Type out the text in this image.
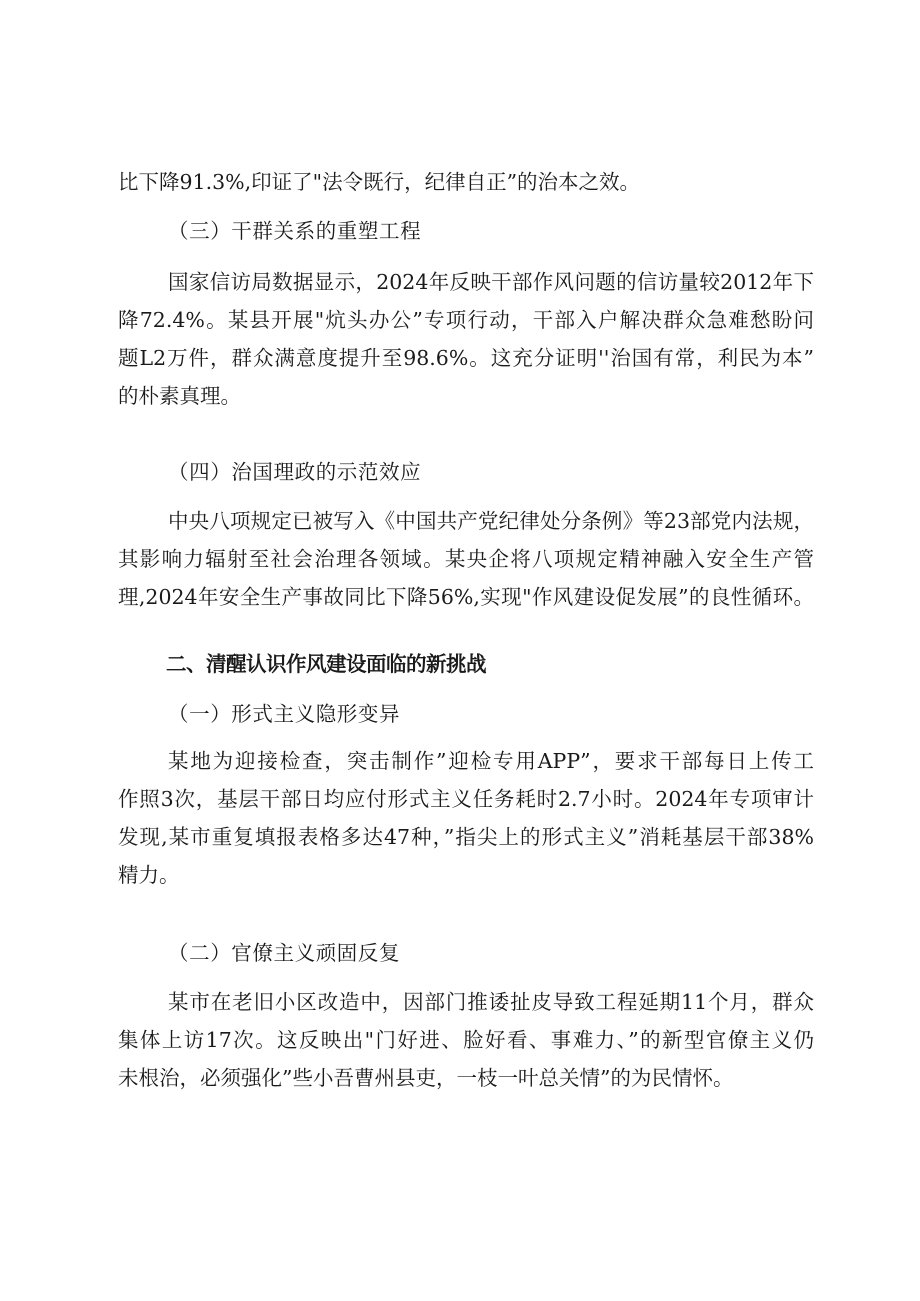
比下降91.3%,印证了"法令既行，纪律自正”的治本之效。
（三）干群关系的重塑工程
国家信访局数据显示，2024年反映干部作风问题的信访量较2012年下
降72.4%。某县开展"炕头办公”专项行动，干部入户解决群众急难愁盼问
题L2万件，群众满意度提升至98.6%。这充分证明''治国有常，利民为本”
的朴素真理。
（四）治国理政的示范效应
中央八项规定已被写入《中国共产党纪律处分条例》等23部党内法规，
其影响力辐射至社会治理各领域。某央企将八项规定精神融入安全生产管
理,2024年安全生产事故同比下降56%,实现"作风建设促发展”的良性循环。
二、清醒认识作风建设面临的新挑战
（一）形式主义隐形变异
某地为迎接检查，突击制作”迎检专用APP”，要求干部每日上传工
作照3次，基层干部日均应付形式主义任务耗时2.7小时。2024年专项审计
发现,某市重复填报表格多达47种，”指尖上的形式主义”消耗基层干部38%
精力。
（二）官僚主义顽固反复
某市在老旧小区改造中，因部门推诿扯皮导致工程延期11个月，群众
集体上访17次。这反映出"门好进、脸好看、事难力、”的新型官僚主义仍
未根治，必须强化”些小吾曹州县吏，一枝一叶总关情”的为民情怀。
